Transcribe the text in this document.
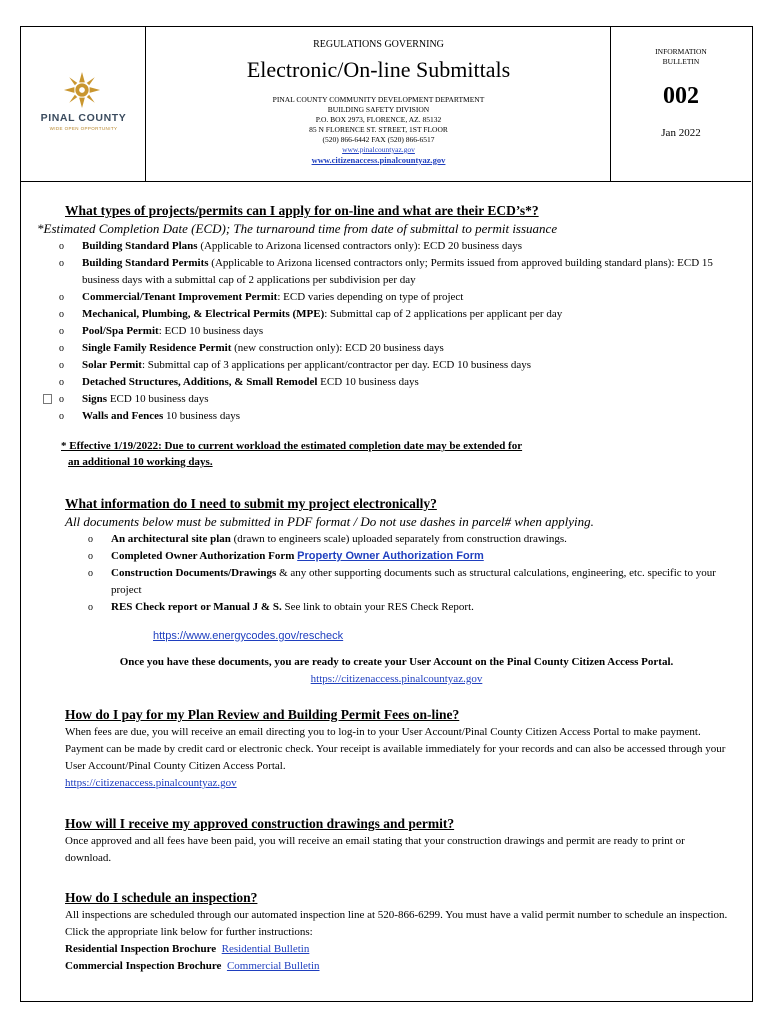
PINAL COUNTY
WIDE OPEN OPPORTUNITY
REGULATIONS GOVERNING
Electronic/On-line Submittals
PINAL COUNTY COMMUNITY DEVELOPMENT DEPARTMENT
BUILDING SAFETY DIVISION
P.O. BOX 2973, FLORENCE, AZ. 85132
85 N FLORENCE ST. STREET, 1ST FLOOR
(520) 866-6442 FAX (520) 866-6517
www.pinalcountyaz.gov
www.citizenaccess.pinalcountyaz.gov
INFORMATION
BULLETIN
002
Jan 2022
What types of projects/permits can I apply for on-line and what are their ECD’s*?
*Estimated Completion Date (ECD); The turnaround time from date of submittal to permit issuance
o Building Standard Plans (Applicable to Arizona licensed contractors only): ECD 20 business days
o Building Standard Permits (Applicable to Arizona licensed contractors only; Permits issued from approved building standard plans): ECD 15 business days with a submittal cap of 2 applications per subdivision per day
o Commercial/Tenant Improvement Permit: ECD varies depending on type of project
o Mechanical, Plumbing, & Electrical Permits (MPE): Submittal cap of 2 applications per applicant per day
o Pool/Spa Permit: ECD 10 business days
o Single Family Residence Permit (new construction only): ECD 20 business days
o Solar Permit: Submittal cap of 3 applications per applicant/contractor per day. ECD 10 business days
o Detached Structures, Additions, & Small Remodel ECD 10 business days
o Signs ECD 10 business days
o Walls and Fences 10 business days
* Effective 1/19/2022: Due to current workload the estimated completion date may be extended for
an additional 10 working days.
What information do I need to submit my project electronically?
All documents below must be submitted in PDF format / Do not use dashes in parcel# when applying.
o An architectural site plan (drawn to engineers scale) uploaded separately from construction drawings.
o Completed Owner Authorization Form Property Owner Authorization Form
o Construction Documents/Drawings & any other supporting documents such as structural calculations, engineering, etc. specific to your project
o RES Check report or Manual J & S. See link to obtain your RES Check Report.
https://www.energycodes.gov/rescheck

Once you have these documents, you are ready to create your User Account on the Pinal County Citizen Access Portal.

https://citizenaccess.pinalcountyaz.gov

How do I pay for my Plan Review and Building Permit Fees on-line?

When fees are due, you will receive an email directing you to log-in to your User Account/Pinal County Citizen Access Portal to make payment. Payment can be made by credit card or electronic check. Your receipt is available immediately for your records and can also be accessed through your User Account/Pinal County Citizen Access Portal.

https://citizenaccess.pinalcountyaz.gov

How will I receive my approved construction drawings and permit?

Once approved and all fees have been paid, you will receive an email stating that your construction drawings and permit are ready to print or download.

How do I schedule an inspection?

All inspections are scheduled through our automated inspection line at 520-866-6299. You must have a valid permit number to schedule an inspection. Click the appropriate link below for further instructions:

Residential Inspection Brochure Residential Bulletin

Commercial Inspection Brochure Commercial Bulletin
